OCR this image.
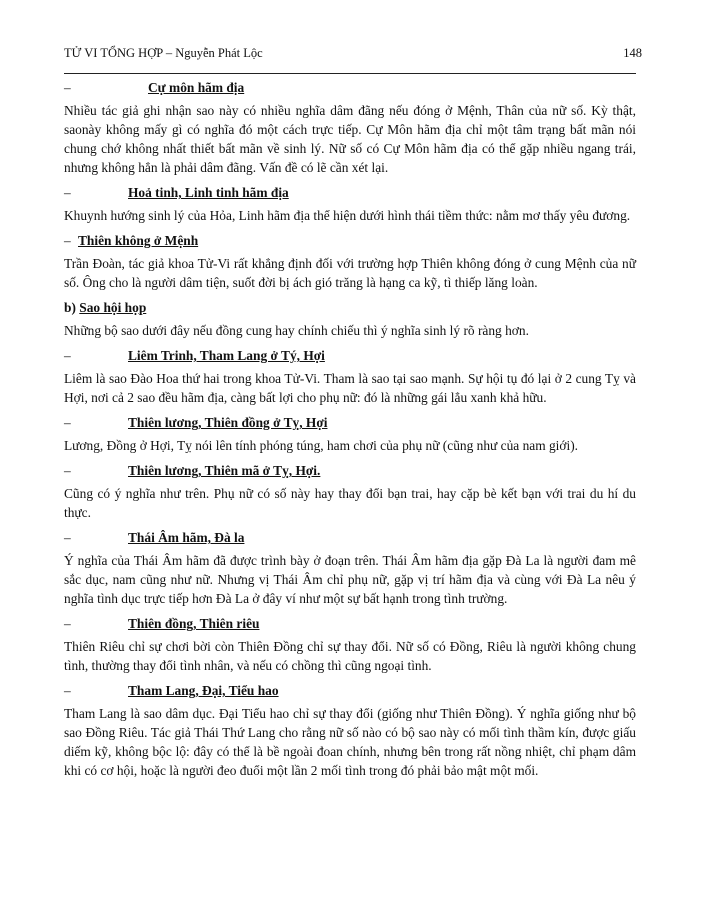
TỬ VI TỔNG HỢP – Nguyễn Phát Lộc	148
–	Cự môn hãm địa

Nhiều tác giả ghi nhận sao này có nhiều nghĩa dâm đãng nếu đóng ở Mệnh, Thân của nữ số. Kỳ thật, saonày không mấy gì có nghĩa đó một cách trực tiếp. Cự Môn hãm địa chỉ một tâm trạng bất mãn nói chung chớ không nhất thiết bất mãn về sinh lý. Nữ số có Cự Môn hãm địa có thể gặp nhiều ngang trái, nhưng không hẳn là phải dâm đãng. Vấn đề có lẽ cần xét lại.

–	Hoả tinh, Linh tinh hãm địa

Khuynh hướng sinh lý của Hỏa, Linh hãm địa thể hiện dưới hình thái tiềm thức: nằm mơ thấy yêu đương.

– Thiên không ở Mệnh

Trần Đoàn, tác giả khoa Tử-Vi rất khẳng định đối với trường hợp Thiên không đóng ở cung Mệnh của nữ số. Ông cho là người dâm tiện, suốt đời bị ách gió trăng là hạng ca kỹ, tì thiếp lăng loàn.

b) Sao hội họp

Những bộ sao dưới đây nếu đồng cung hay chính chiếu thì ý nghĩa sinh lý rõ ràng hơn.

–	Liêm Trinh, Tham Lang ở Tý, Hợi

Liêm là sao Đào Hoa thứ hai trong khoa Tử-Vi. Tham là sao tại sao mạnh. Sự hội tụ đó lại ở 2 cung Tỵ và Hợi, nơi cả 2 sao đều hãm địa, càng bất lợi cho phụ nữ: đó là những gái lẳu xanh khả hữu.

–	Thiên lương, Thiên đồng ở Tỵ, Hợi

Lương, Đồng ở Hợi, Tỵ nói lên tính phóng túng, ham chơi của phụ nữ (cũng như của nam giới).

–	Thiên lương, Thiên mã ở Tỵ, Hợi.

Cũng có ý nghĩa như trên. Phụ nữ có số này hay thay đổi bạn trai, hay cặp bè kết bạn với trai du hí du thực.

–	Thái Âm hãm, Đà la

Ý nghĩa của Thái Âm hãm đã được trình bày ở đoạn trên. Thái Âm hãm địa gặp Đà La là người đam mê sắc dục, nam cũng như nữ. Nhưng vị Thái Âm chỉ phụ nữ, gặp vị trí hãm địa và cùng với Đà La nêu ý nghĩa tình dục trực tiếp hơn Đà La ở đây ví như một sự bất hạnh trong tình trường.

–	Thiên đồng, Thiên riêu

Thiên Riêu chỉ sự chơi bời còn Thiên Đồng chỉ sự thay đổi. Nữ số có Đồng, Riêu là người không chung tình, thường thay đổi tình nhân, và nếu có chồng thì cũng ngoại tình.

–	Tham Lang, Đại, Tiểu hao

Tham Lang là sao dâm dục. Đại Tiểu hao chỉ sự thay đổi (giống như Thiên Đồng). Ý nghĩa giống như bộ sao Đồng Riêu. Tác giả Thái Thứ Lang cho rằng nữ số nào có bộ sao này có mối tình thầm kín, được giấu diếm kỹ, không bộc lộ: đây có thể là bề ngoài đoan chính, nhưng bên trong rất nồng nhiệt, chỉ phạm dâm khi có cơ hội, hoặc là người đeo đuổi một lần 2 mối tình trong đó phải bảo mật một mối.
